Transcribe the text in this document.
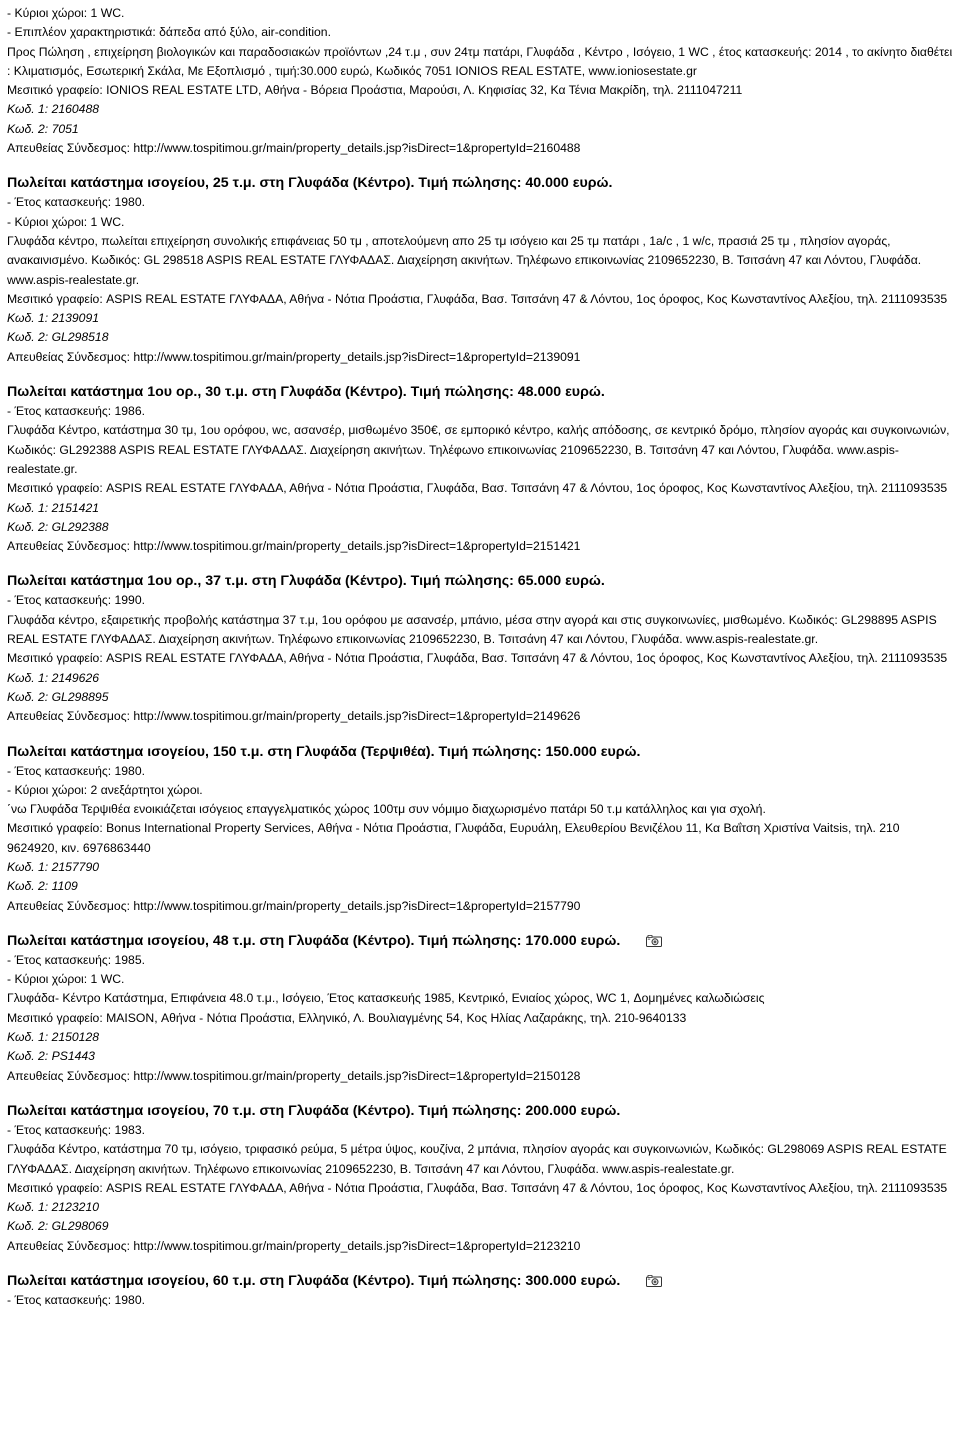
- Κύριοι χώροι: 1 WC.
- Επιπλέον χαρακτηριστικά: δάπεδα από ξύλο, air-condition.
Προς Πώληση , επιχείρηση βιολογικών και παραδοσιακών προϊόντων ,24 τ.μ , συν 24τμ πατάρι, Γλυφάδα , Κέντρο , Ισόγειο, 1 WC , έτος κατασκευής: 2014 , το ακίνητο διαθέτει : Κλιματισμός, Εσωτερική Σκάλα, Με Εξοπλισμό , τιμή:30.000 ευρώ, Κωδικός 7051 IONIOS REAL ESTATE, www.ioniosestate.gr
Μεσιτικό γραφείο: IONIOS REAL ESTATE LTD, Αθήνα - Βόρεια Προάστια, Μαρούσι, Λ. Κηφισίας 32, Κα Τένια Μακρίδη, τηλ. 2111047211
Κωδ. 1: 2160488
Κωδ. 2: 7051
Απευθείας Σύνδεσμος: http://www.tospitimou.gr/main/property_details.jsp?isDirect=1&propertyId=2160488
Πωλείται κατάστημα ισογείου, 25 τ.μ. στη Γλυφάδα (Κέντρο). Τιμή πώλησης: 40.000 ευρώ.
- Έτος κατασκευής: 1980.
- Κύριοι χώροι: 1 WC.
Γλυφάδα κέντρο, πωλείται επιχείρηση συνολικής επιφάνειας 50 τμ , αποτελούμενη απο 25 τμ ισόγειο και 25 τμ πατάρι , 1a/c , 1 w/c, πρασιά 25 τμ , πλησίον αγοράς, ανακαινισμένο. Κωδικός: GL 298518 ASPIS REAL ESTATE ΓΛΥΦΑΔΑΣ. Διαχείρηση ακινήτων. Τηλέφωνο επικοινωνίας 2109652230, Β. Τσιτσάνη 47 και Λόντου, Γλυφάδα. www.aspis-realestate.gr.
Μεσιτικό γραφείο: ASPIS REAL ESTATE ΓΛΥΦΑΔΑ, Αθήνα - Νότια Προάστια, Γλυφάδα, Βασ. Τσιτσάνη 47 & Λόντου, 1ος όροφος, Κος Κωνσταντίνος Αλεξίου, τηλ. 2111093535
Κωδ. 1: 2139091
Κωδ. 2: GL298518
Απευθείας Σύνδεσμος: http://www.tospitimou.gr/main/property_details.jsp?isDirect=1&propertyId=2139091
Πωλείται κατάστημα 1ου ορ., 30 τ.μ. στη Γλυφάδα (Κέντρο). Τιμή πώλησης: 48.000 ευρώ.
- Έτος κατασκευής: 1986.
Γλυφάδα Κέντρο, κατάστημα 30 τμ, 1ου ορόφου, wc, ασανσέρ, μισθωμένο 350€, σε εμπορικό κέντρο, καλής απόδοσης, σε κεντρικό δρόμο, πλησίον αγοράς και συγκοινωνιών, Κωδικός: GL292388 ASPIS REAL ESTATE ΓΛΥΦΑΔΑΣ. Διαχείρηση ακινήτων. Τηλέφωνο επικοινωνίας 2109652230, Β. Τσιτσάνη 47 και Λόντου, Γλυφάδα. www.aspis-realestate.gr.
Μεσιτικό γραφείο: ASPIS REAL ESTATE ΓΛΥΦΑΔΑ, Αθήνα - Νότια Προάστια, Γλυφάδα, Βασ. Τσιτσάνη 47 & Λόντου, 1ος όροφος, Κος Κωνσταντίνος Αλεξίου, τηλ. 2111093535
Κωδ. 1: 2151421
Κωδ. 2: GL292388
Απευθείας Σύνδεσμος: http://www.tospitimou.gr/main/property_details.jsp?isDirect=1&propertyId=2151421
Πωλείται κατάστημα 1ου ορ., 37 τ.μ. στη Γλυφάδα (Κέντρο). Τιμή πώλησης: 65.000 ευρώ.
- Έτος κατασκευής: 1990.
Γλυφάδα κέντρο, εξαιρετικής προβολής κατάστημα 37 τ.μ, 1ου ορόφου με ασανσέρ, μπάνιο, μέσα στην αγορά και στις συγκοινωνίες, μισθωμένο. Κωδικός: GL298895 ASPIS REAL ESTATE ΓΛΥΦΑΔΑΣ. Διαχείρηση ακινήτων. Τηλέφωνο επικοινωνίας 2109652230, Β. Τσιτσάνη 47 και Λόντου, Γλυφάδα. www.aspis-realestate.gr.
Μεσιτικό γραφείο: ASPIS REAL ESTATE ΓΛΥΦΑΔΑ, Αθήνα - Νότια Προάστια, Γλυφάδα, Βασ. Τσιτσάνη 47 & Λόντου, 1ος όροφος, Κος Κωνσταντίνος Αλεξίου, τηλ. 2111093535
Κωδ. 1: 2149626
Κωδ. 2: GL298895
Απευθείας Σύνδεσμος: http://www.tospitimou.gr/main/property_details.jsp?isDirect=1&propertyId=2149626
Πωλείται κατάστημα ισογείου, 150 τ.μ. στη Γλυφάδα (Τερψιθέα). Τιμή πώλησης: 150.000 ευρώ.
- Έτος κατασκευής: 1980.
- Κύριοι χώροι: 2 ανεξάρτητοι χώροι.
΄νω Γλυφάδα Τερψιθέα ενοικιάζεται ισόγειος επαγγελματικός χώρος 100τμ συν νόμιμο διαχωρισμένο πατάρι 50 τ.μ κατάλληλος και για σχολή.
Μεσιτικό γραφείο: Bonus International Property Services, Αθήνα - Νότια Προάστια, Γλυφάδα, Ευρυάλη, Ελευθερίου Βενιζέλου 11, Κα Βαΐτση Χριστίνα Vaitsis, τηλ. 210 9624920, κιν. 6976863440
Κωδ. 1: 2157790
Κωδ. 2: 1109
Απευθείας Σύνδεσμος: http://www.tospitimou.gr/main/property_details.jsp?isDirect=1&propertyId=2157790
Πωλείται κατάστημα ισογείου, 48 τ.μ. στη Γλυφάδα (Κέντρο). Τιμή πώλησης: 170.000 ευρώ.
- Έτος κατασκευής: 1985.
- Κύριοι χώροι: 1 WC.
Γλυφάδα- Κέντρο Κατάστημα, Επιφάνεια 48.0 τ.μ., Ισόγειο, Έτος κατασκευής 1985, Κεντρικό, Ενιαίος χώρος, WC 1, Δομημένες καλωδιώσεις
Μεσιτικό γραφείο: MAISON, Αθήνα - Νότια Προάστια, Ελληνικό, Λ. Βουλιαγμένης 54, Κος Ηλίας Λαζαράκης, τηλ. 210-9640133
Κωδ. 1: 2150128
Κωδ. 2: PS1443
Απευθείας Σύνδεσμος: http://www.tospitimou.gr/main/property_details.jsp?isDirect=1&propertyId=2150128
Πωλείται κατάστημα ισογείου, 70 τ.μ. στη Γλυφάδα (Κέντρο). Τιμή πώλησης: 200.000 ευρώ.
- Έτος κατασκευής: 1983.
Γλυφάδα Κέντρο, κατάστημα 70 τμ, ισόγειο, τριφασικό ρεύμα, 5 μέτρα ύψος, κουζίνα, 2 μπάνια, πλησίον αγοράς και συγκοινωνιών, Κωδικός: GL298069 ASPIS REAL ESTATE ΓΛΥΦΑΔΑΣ. Διαχείρηση ακινήτων. Τηλέφωνο επικοινωνίας 2109652230, Β. Τσιτσάνη 47 και Λόντου, Γλυφάδα. www.aspis-realestate.gr.
Μεσιτικό γραφείο: ASPIS REAL ESTATE ΓΛΥΦΑΔΑ, Αθήνα - Νότια Προάστια, Γλυφάδα, Βασ. Τσιτσάνη 47 & Λόντου, 1ος όροφος, Κος Κωνσταντίνος Αλεξίου, τηλ. 2111093535
Κωδ. 1: 2123210
Κωδ. 2: GL298069
Απευθείας Σύνδεσμος: http://www.tospitimou.gr/main/property_details.jsp?isDirect=1&propertyId=2123210
Πωλείται κατάστημα ισογείου, 60 τ.μ. στη Γλυφάδα (Κέντρο). Τιμή πώλησης: 300.000 ευρώ.
- Έτος κατασκευής: 1980.
